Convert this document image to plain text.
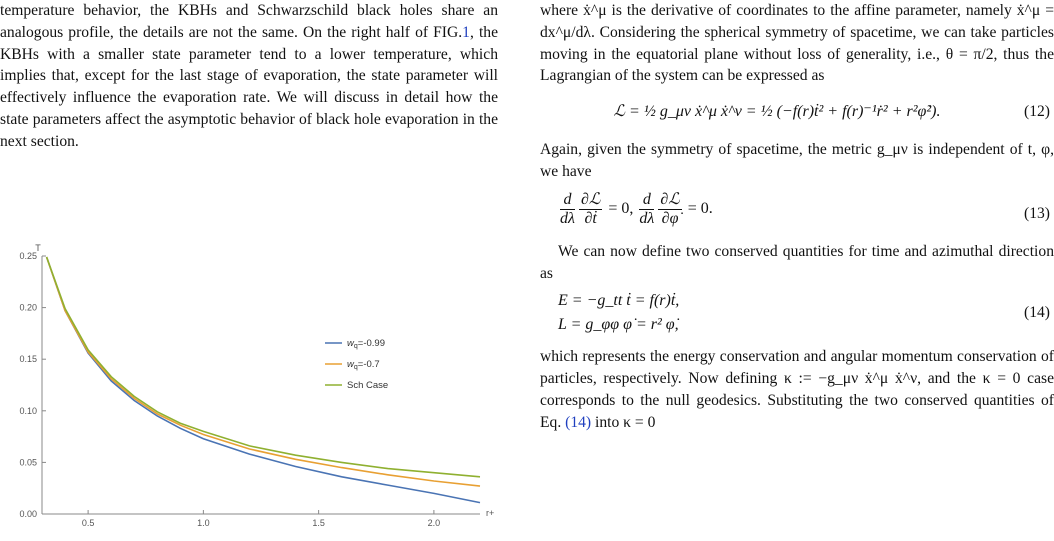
temperature behavior, the KBHs and Schwarzschild black holes share an analogous profile, the details are not the same. On the right half of FIG.1, the KBHs with a smaller state parameter tend to a lower temperature, which implies that, except for the last stage of evaporation, the state parameter will effectively influence the evaporation rate. We will discuss in detail how the state parameters affect the asymptotic behavior of black hole evaporation in the next section.

0.00
0.05
0.10
0.15
0.20
0.25
0.5	1.0	1.5	2.0
T
r+
$w_q=-0.99$
$w_q=-0.7$
Sch Case

where ẋ^μ is the derivative of coordinates to the affine parameter, namely ẋ^μ = dx^μ/dλ. Considering the spherical symmetry of spacetime, we can take particles moving in the equatorial plane without loss of generality, i.e., θ = π/2, thus the Lagrangian of the system can be expressed as

ℒ = ½ g_μν ẋ^μ ẋ^ν = ½ (−f(r)ṫ² + f(r)⁻¹ṙ² + r²φ̇²).	(12)

Again, given the symmetry of spacetime, the metric g_μν is independent of t, φ, we have

$\frac{d}{d\lambda} \frac{\text{∂ℒ}}{\text{∂ṫ}} = 0$, $\frac{d}{d\lambda} \frac{\text{∂ℒ}}{\partial\varphi̇} = 0$.	(13)

We can now define two conserved quantities for time and azimuthal direction as

E = −g_tt ṫ = f(r)ṫ,
L = g_φφ φ̇ = r² φ̇,
(14)

which represents the energy conservation and angular momentum conservation of particles, respectively. Now defining κ := −g_μν ẋ^μ ẋ^ν, and the κ = 0 case corresponds to the null geodesics. Substituting the two conserved quantities of Eq. (14) into κ = 0
